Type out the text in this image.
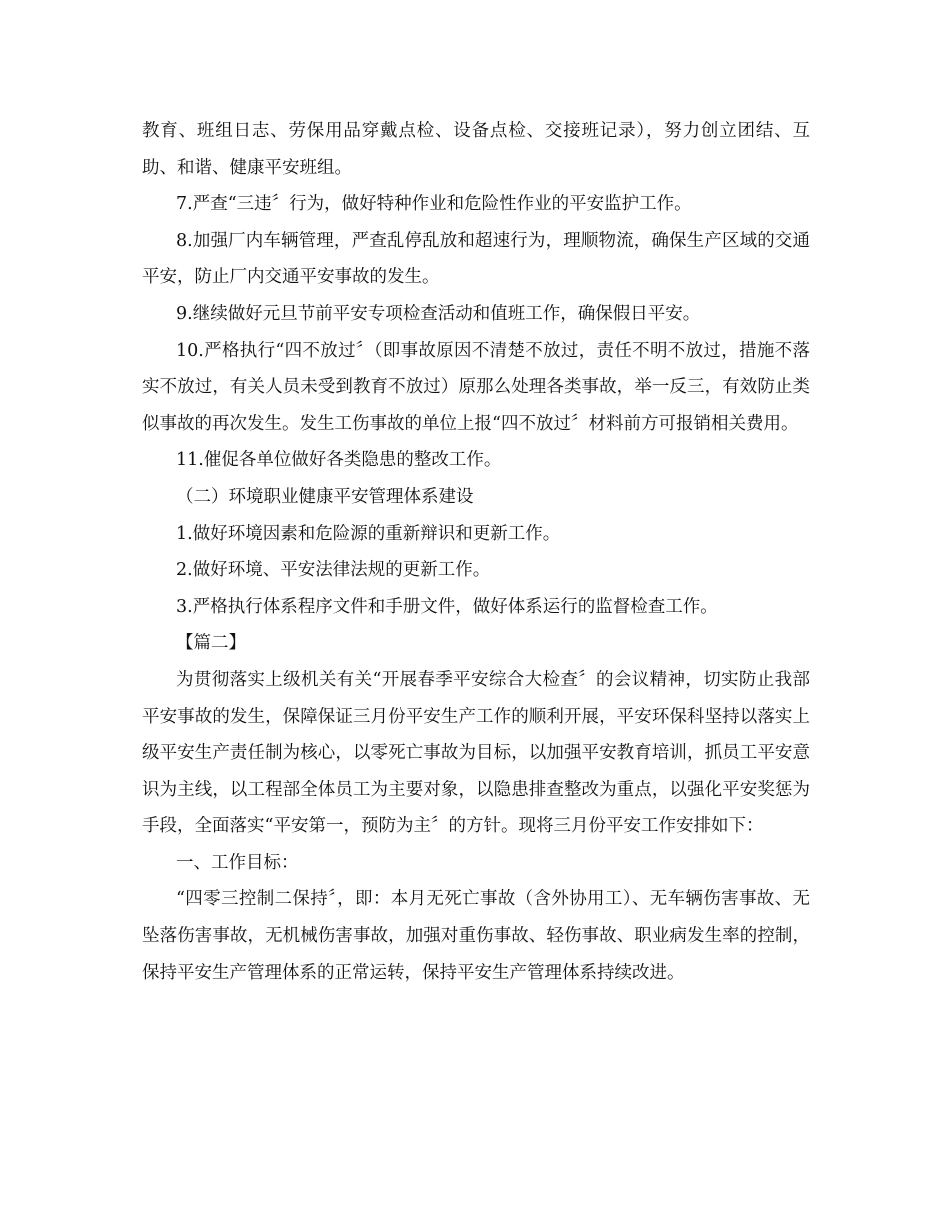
教育、班组日志、劳保用品穿戴点检、设备点检、交接班记录），努力创立团结、互助、和谐、健康平安班组。

7.严查“三违〞行为，做好特种作业和危险性作业的平安监护工作。

8.加强厂内车辆管理，严查乱停乱放和超速行为，理顺物流，确保生产区域的交通平安，防止厂内交通平安事故的发生。

9.继续做好元旦节前平安专项检查活动和值班工作，确保假日平安。

10.严格执行“四不放过〞（即事故原因不清楚不放过，责任不明不放过，措施不落实不放过，有关人员未受到教育不放过）原那么处理各类事故，举一反三，有效防止类似事故的再次发生。发生工伤事故的单位上报“四不放过〞材料前方可报销相关费用。

11.催促各单位做好各类隐患的整改工作。

（二）环境职业健康平安管理体系建设

1.做好环境因素和危险源的重新辩识和更新工作。

2.做好环境、平安法律法规的更新工作。

3.严格执行体系程序文件和手册文件，做好体系运行的监督检查工作。

【篇二】

为贯彻落实上级机关有关“开展春季平安综合大检查〞的会议精神，切实防止我部平安事故的发生，保障保证三月份平安生产工作的顺利开展，平安环保科坚持以落实上级平安生产责任制为核心，以零死亡事故为目标，以加强平安教育培训，抓员工平安意识为主线，以工程部全体员工为主要对象，以隐患排查整改为重点，以强化平安奖惩为手段，全面落实“平安第一，预防为主〞的方针。现将三月份平安工作安排如下：

一、工作目标：

“四零三控制二保持〞，即：本月无死亡事故（含外协用工）、无车辆伤害事故、无坠落伤害事故，无机械伤害事故，加强对重伤事故、轻伤事故、职业病发生率的控制，保持平安生产管理体系的正常运转，保持平安生产管理体系持续改进。
